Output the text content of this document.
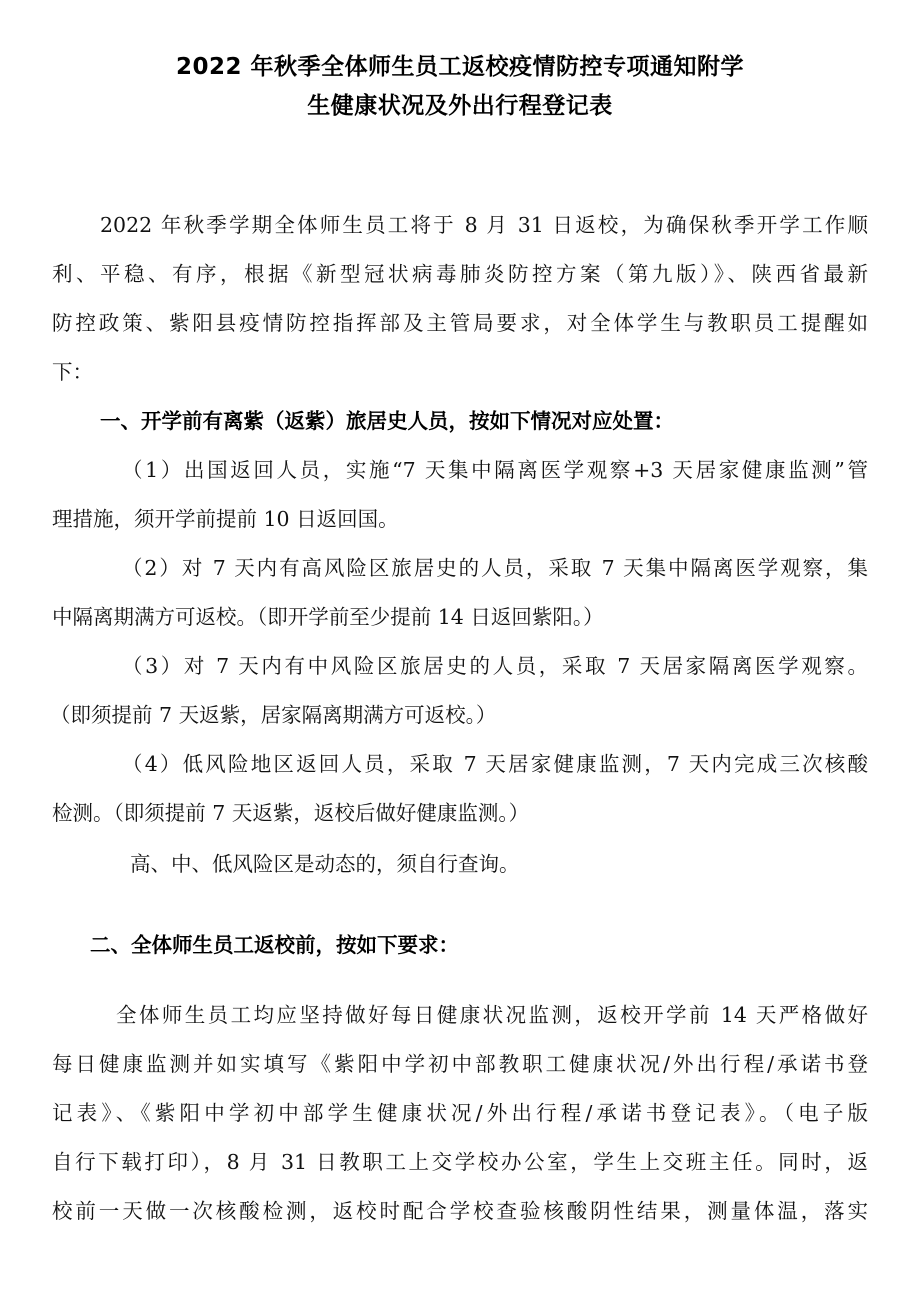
2022 年秋季全体师生员工返校疫情防控专项通知附学
生健康状况及外出行程登记表
2022 年秋季学期全体师生员工将于 8 月 31 日返校，为确保秋季开学工作顺
利、平稳、有序，根据《新型冠状病毒肺炎防控方案（第九版）》、陕西省最新
防控政策、紫阳县疫情防控指挥部及主管局要求，对全体学生与教职员工提醒如
下：
一、开学前有离紫（返紫）旅居史人员，按如下情况对应处置：
（1）出国返回人员，实施“7 天集中隔离医学观察+3 天居家健康监测”管
理措施，须开学前提前 10 日返回国。
（2）对 7 天内有高风险区旅居史的人员，采取 7 天集中隔离医学观察，集
中隔离期满方可返校。（即开学前至少提前 14 日返回紫阳。）
（3）对 7 天内有中风险区旅居史的人员，采取 7 天居家隔离医学观察。
（即须提前 7 天返紫，居家隔离期满方可返校。）
（4）低风险地区返回人员，采取 7 天居家健康监测，7 天内完成三次核酸
检测。（即须提前 7 天返紫，返校后做好健康监测。）
高、中、低风险区是动态的，须自行查询。
二、全体师生员工返校前，按如下要求：
全体师生员工均应坚持做好每日健康状况监测，返校开学前 14 天严格做好
每日健康监测并如实填写《紫阳中学初中部教职工健康状况/外出行程/承诺书登
记表》、《紫阳中学初中部学生健康状况/外出行程/承诺书登记表》。（电子版
自行下载打印），8 月 31 日教职工上交学校办公室，学生上交班主任。同时，返
校前一天做一次核酸检测，返校时配合学校查验核酸阴性结果，测量体温，落实
